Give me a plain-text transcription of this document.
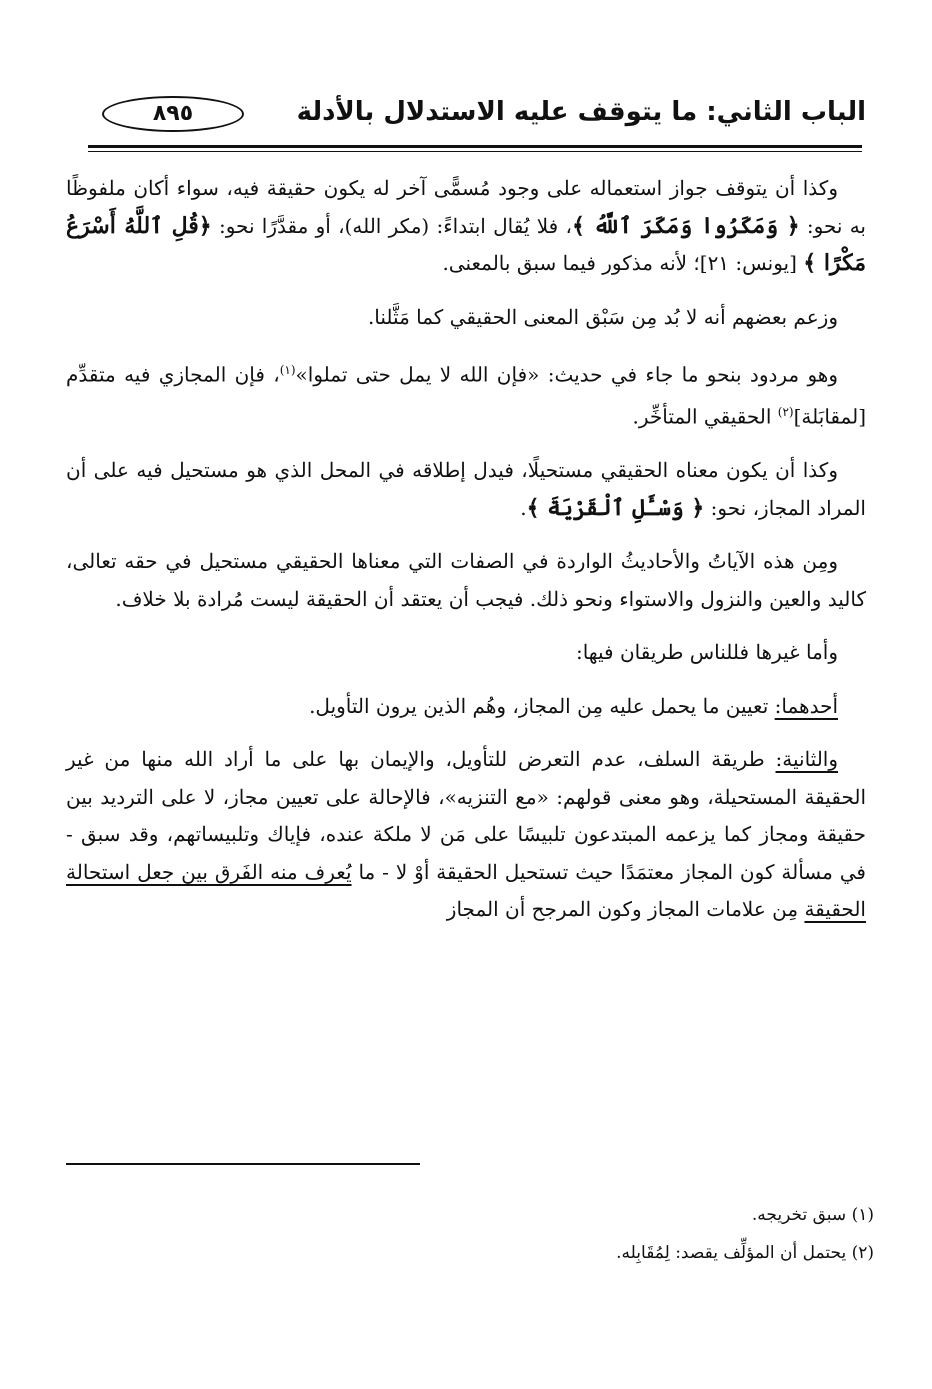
الباب الثاني: ما يتوقف عليه الاستدلال بالأدلة
٨٩٥

وكذا أن يتوقف جواز استعماله على وجود مُسمًّى آخر له يكون حقيقة فيه، سواء أكان ملفوظًا به نحو: ﴿ وَمَكَرُوا وَمَكَرَ ٱللَّهُ ﴾، فلا يُقال ابتداءً: (مكر الله)، أو مقدَّرًا نحو: ﴿قُلِ ٱللَّهُ أَسْرَعُ مَكْرًا ﴾ [يونس: ٢١]؛ لأنه مذكور فيما سبق بالمعنى.

وزعم بعضهم أنه لا بُد مِن سَبْق المعنى الحقيقي كما مَثَّلنا.

وهو مردود بنحو ما جاء في حديث: «فإن الله لا يمل حتى تملوا»$^{(١)}$، فإن المجازي فيه متقدِّم [لمقابَلة]$^{(٢)}$ الحقيقي المتأخِّر.

وكذا أن يكون معناه الحقيقي مستحيلًا، فيدل إطلاقه في المحل الذي هو مستحيل فيه على أن المراد المجاز، نحو: ﴿ وَسْـَٔلِ ٱلْقَرْيَةَ ﴾.

ومِن هذه الآياتُ والأحاديثُ الواردة في الصفات التي معناها الحقيقي مستحيل في حقه تعالى، كاليد والعين والنزول والاستواء ونحو ذلك. فيجب أن يعتقد أن الحقيقة ليست مُرادة بلا خلاف.

وأما غيرها فللناس طريقان فيها:

أحدهما: تعيين ما يحمل عليه مِن المجاز، وهُم الذين يرون التأويل.

والثانية: طريقة السلف، عدم التعرض للتأويل، والإيمان بها على ما أراد الله منها من غير الحقيقة المستحيلة، وهو معنى قولهم: «مع التنزيه»، فالإحالة على تعيين مجاز، لا على الترديد بين حقيقة ومجاز كما يزعمه المبتدعون تلبيسًا على مَن لا ملكة عنده، فإياك وتلبيساتهم، وقد سبق - في مسألة كون المجاز معتمَدًا حيث تستحيل الحقيقة أوْ لا - ما يُعرف منه الفَرق بين جعل استحالة الحقيقة مِن علامات المجاز وكون المرجح أن المجاز

(١) سبق تخريجه.

(٢) يحتمل أن المؤلِّف يقصد: لِمُقَابِله.
